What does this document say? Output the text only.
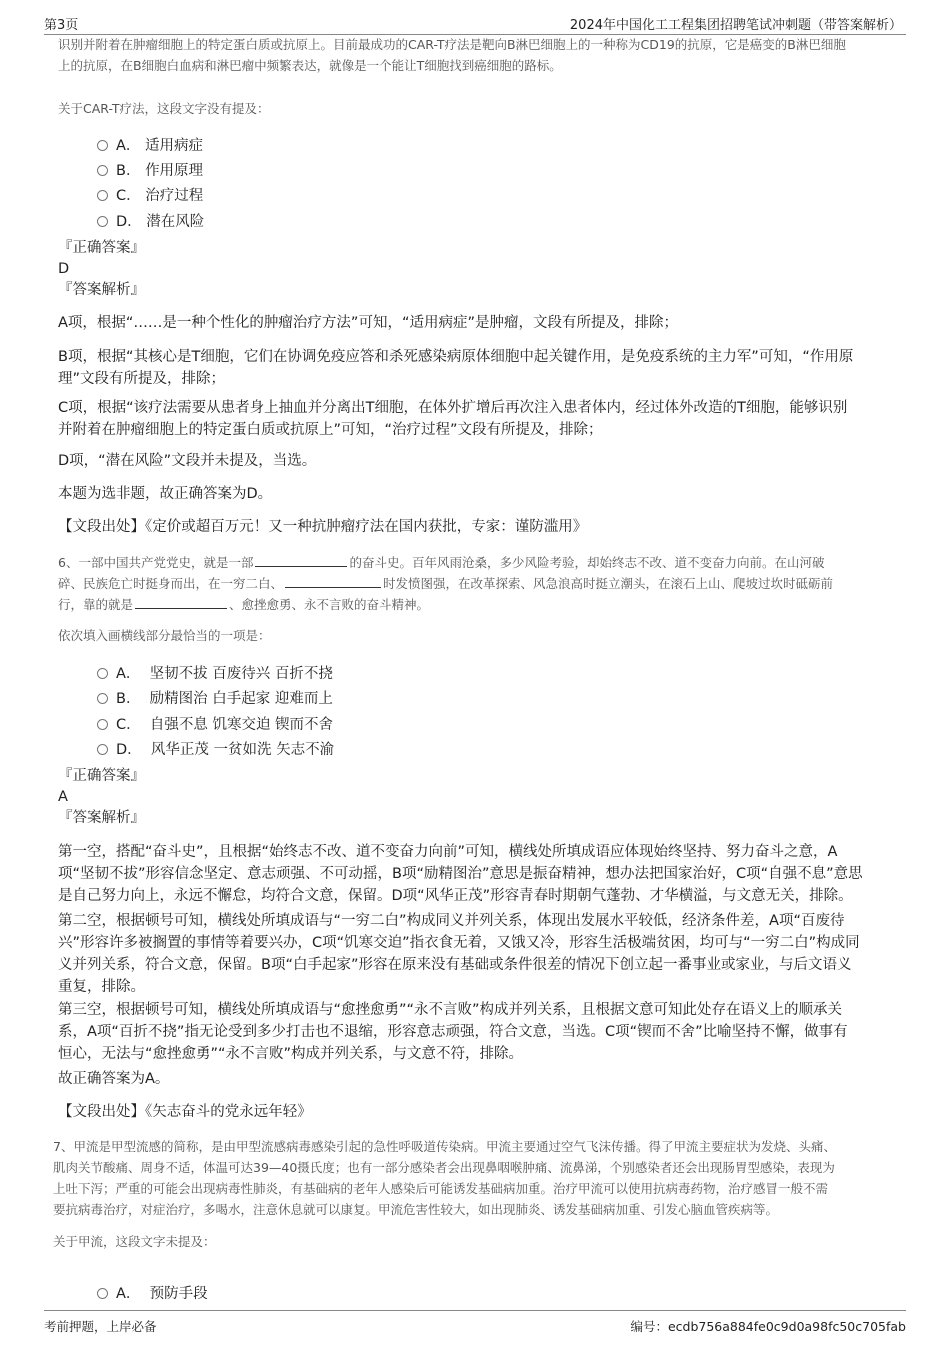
第3页	2024年中国化工工程集团招聘笔试冲刺题（带答案解析）
识别并附着在肿瘤细胞上的特定蛋白质或抗原上。目前最成功的CAR-T疗法是靶向B淋巴细胞上的一种称为CD19的抗原，它是癌变的B淋巴细胞
上的抗原，在B细胞白血病和淋巴瘤中频繁表达，就像是一个能让T细胞找到癌细胞的路标。
关于CAR-T疗法，这段文字没有提及：
A． 适用病症
B． 作用原理
C． 治疗过程
D． 潜在风险
『正确答案』
D
『答案解析』
A项，根据“……是一种个性化的肿瘤治疗方法”可知，“适用病症”是肿瘤，文段有所提及，排除；
B项，根据“其核心是T细胞，它们在协调免疫应答和杀死感染病原体细胞中起关键作用，是免疫系统的主力军”可知，“作用原
理”文段有所提及，排除；
C项，根据“该疗法需要从患者身上抽血并分离出T细胞，在体外扩增后再次注入患者体内，经过体外改造的T细胞，能够识别
并附着在肿瘤细胞上的特定蛋白质或抗原上”可知，“治疗过程”文段有所提及，排除；
D项，“潜在风险”文段并未提及，当选。
本题为选非题，故正确答案为D。
【文段出处】《定价或超百万元！又一种抗肿瘤疗法在国内获批，专家：谨防滥用》
6、一部中国共产党党史，就是一部	的奋斗史。百年风雨沧桑，多少风险考验，却始终志不改、道不变奋力向前。在山河破
碎、民族危亡时挺身而出，在一穷二白、	时发愤图强，在改革探索、风急浪高时挺立潮头，在滚石上山、爬坡过坎时砥砺前
行，靠的就是	、愈挫愈勇、永不言败的奋斗精神。
依次填入画横线部分最恰当的一项是：
A． 坚韧不拔 百废待兴 百折不挠
B． 励精图治 白手起家 迎难而上
C． 自强不息 饥寒交迫 锲而不舍
D． 风华正茂 一贫如洗 矢志不渝
『正确答案』
A
『答案解析』
第一空，搭配“奋斗史”，且根据“始终志不改、道不变奋力向前”可知，横线处所填成语应体现始终坚持、努力奋斗之意，A
项“坚韧不拔”形容信念坚定、意志顽强、不可动摇，B项“励精图治”意思是振奋精神，想办法把国家治好，C项“自强不息”意思
是自己努力向上，永远不懈怠，均符合文意，保留。D项“风华正茂”形容青春时期朝气蓬勃、才华横溢，与文意无关，排除。
第二空，根据顿号可知，横线处所填成语与“一穷二白”构成同义并列关系，体现出发展水平较低，经济条件差，A项“百废待
兴”形容许多被搁置的事情等着要兴办，C项“饥寒交迫”指衣食无着，又饿又冷，形容生活极端贫困，均可与“一穷二白”构成同
义并列关系，符合文意，保留。B项“白手起家”形容在原来没有基础或条件很差的情况下创立起一番事业或家业，与后文语义
重复，排除。
第三空，根据顿号可知，横线处所填成语与“愈挫愈勇”“永不言败”构成并列关系，且根据文意可知此处存在语义上的顺承关
系，A项“百折不挠”指无论受到多少打击也不退缩，形容意志顽强，符合文意，当选。C项“锲而不舍”比喻坚持不懈，做事有
恒心，无法与“愈挫愈勇”“永不言败”构成并列关系，与文意不符，排除。
故正确答案为A。
【文段出处】《矢志奋斗的党永远年轻》
7、甲流是甲型流感的简称，是由甲型流感病毒感染引起的急性呼吸道传染病。甲流主要通过空气飞沫传播。得了甲流主要症状为发烧、头痛、
肌肉关节酸痛、周身不适，体温可达39—40摄氏度；也有一部分感染者会出现鼻咽喉肿痛、流鼻涕，个别感染者还会出现肠胃型感染，表现为
上吐下泻；严重的可能会出现病毒性肺炎，有基础病的老年人感染后可能诱发基础病加重。治疗甲流可以使用抗病毒药物，治疗感冒一般不需
要抗病毒治疗，对症治疗，多喝水，注意休息就可以康复。甲流危害性较大，如出现肺炎、诱发基础病加重、引发心脑血管疾病等。
关于甲流，这段文字未提及：
A． 预防手段
考前押题，上岸必备	编号：ecdb756a884fe0c9d0a98fc50c705fab
